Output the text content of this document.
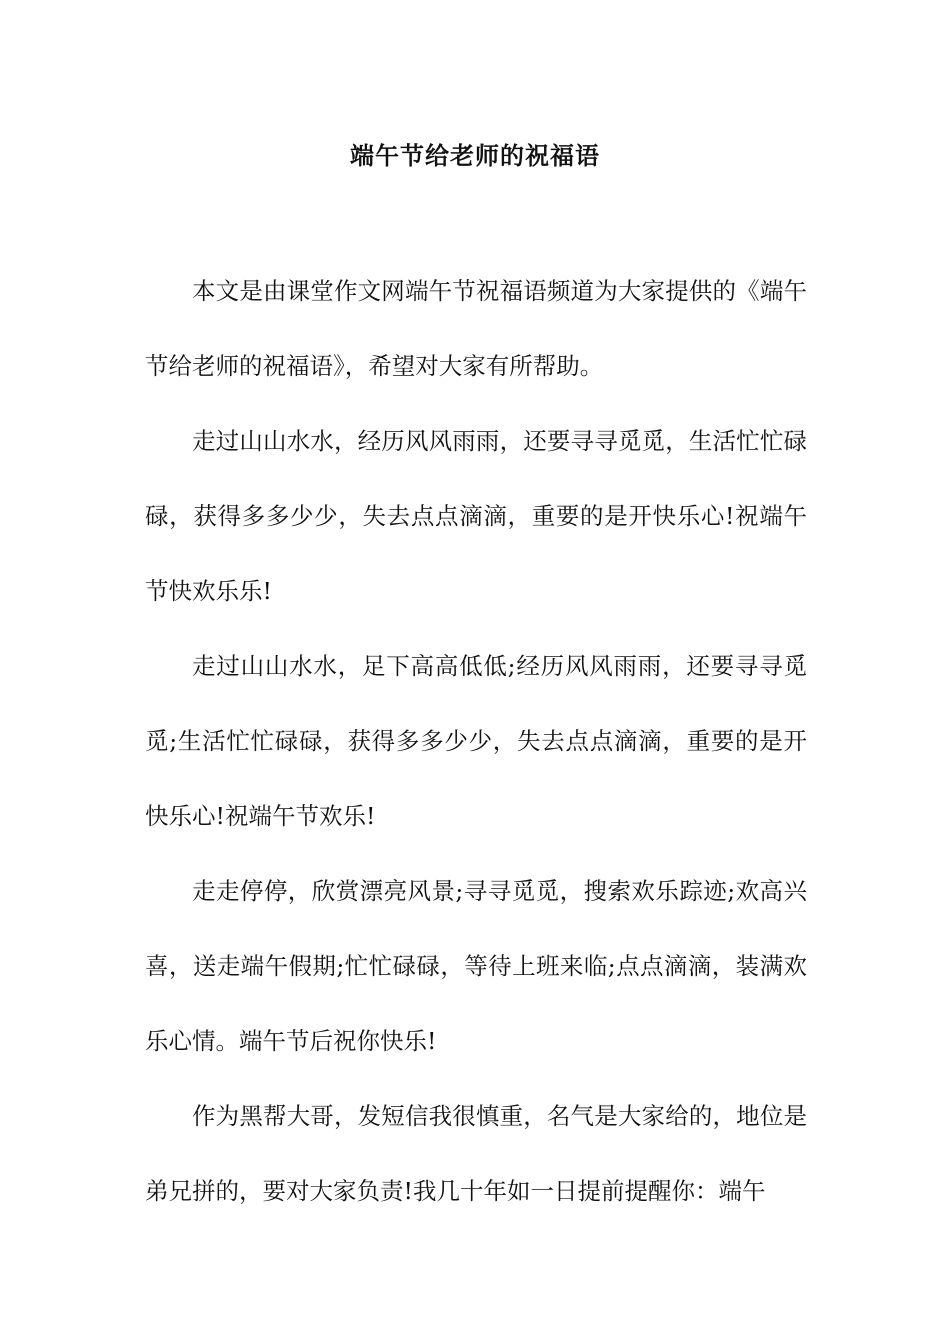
端午节给老师的祝福语

本文是由课堂作文网端午节祝福语频道为大家提供的《端午节给老师的祝福语》，希望对大家有所帮助。

走过山山水水，经历风风雨雨，还要寻寻觅觅，生活忙忙碌碌，获得多多少少，失去点点滴滴，重要的是开快乐心!祝端午节快欢乐乐!

走过山山水水，足下高高低低;经历风风雨雨，还要寻寻觅觅;生活忙忙碌碌，获得多多少少，失去点点滴滴，重要的是开快乐心!祝端午节欢乐!

走走停停，欣赏漂亮风景;寻寻觅觅，搜索欢乐踪迹;欢高兴喜，送走端午假期;忙忙碌碌，等待上班来临;点点滴滴，装满欢乐心情。端午节后祝你快乐!

作为黑帮大哥，发短信我很慎重，名气是大家给的，地位是弟兄拼的，要对大家负责!我几十年如一日提前提醒你：端午
